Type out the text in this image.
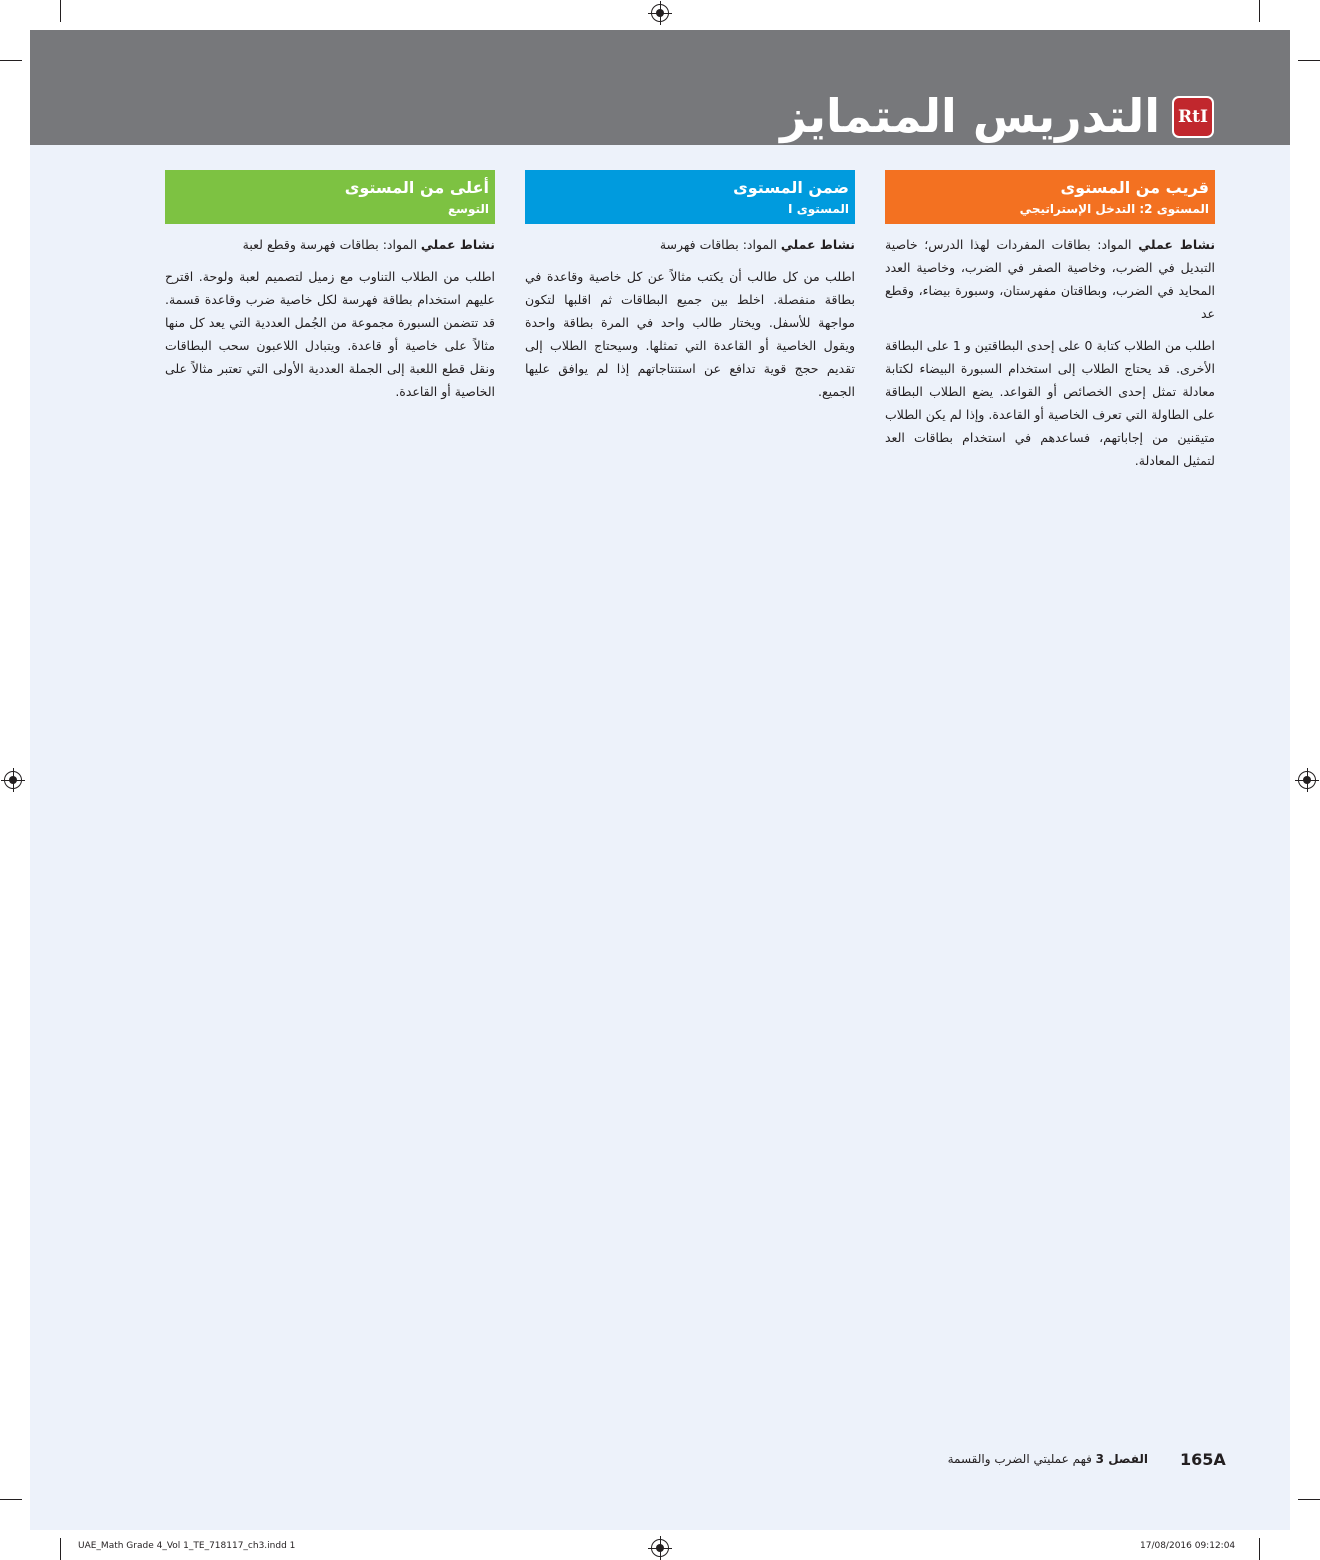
التدريس المتمايز	RtI
قريب من المستوى
المستوى 2: التدخل الإستراتيجي

نشاط عملي المواد: بطاقات المفردات لهذا الدرس؛ خاصية التبديل في الضرب، وخاصية الصفر في الضرب، وخاصية العدد المحايد في الضرب، وبطاقتان مفهرستان، وسبورة بيضاء، وقطع عد

اطلب من الطلاب كتابة 0 على إحدى البطاقتين و 1 على البطاقة الأخرى. قد يحتاج الطلاب إلى استخدام السبورة البيضاء لكتابة معادلة تمثل إحدى الخصائص أو القواعد. يضع الطلاب البطاقة على الطاولة التي تعرف الخاصية أو القاعدة. وإذا لم يكن الطلاب متيقنين من إجاباتهم، فساعدهم في استخدام بطاقات العد لتمثيل المعادلة.

ضمن المستوى
المستوى I

نشاط عملي المواد: بطاقات فهرسة

اطلب من كل طالب أن يكتب مثالاً عن كل خاصية وقاعدة في بطاقة منفصلة. اخلط بين جميع البطاقات ثم اقلبها لتكون مواجهة للأسفل. ويختار طالب واحد في المرة بطاقة واحدة ويقول الخاصية أو القاعدة التي تمثلها. وسيحتاج الطلاب إلى تقديم حجج قوية تدافع عن استنتاجاتهم إذا لم يوافق عليها الجميع.

أعلى من المستوى
التوسع

نشاط عملي المواد: بطاقات فهرسة وقطع لعبة

اطلب من الطلاب التناوب مع زميل لتصميم لعبة ولوحة. اقترح عليهم استخدام بطاقة فهرسة لكل خاصية ضرب وقاعدة قسمة. قد تتضمن السبورة مجموعة من الجُمل العددية التي يعد كل منها مثالاً على خاصية أو قاعدة. ويتبادل اللاعبون سحب البطاقات ونقل قطع اللعبة إلى الجملة العددية الأولى التي تعتبر مثالاً على الخاصية أو القاعدة.

165A
الفصل 3 فهم عمليتي الضرب والقسمة
UAE_Math Grade 4_Vol 1_TE_718117_ch3.indd 1	17/08/2016 09:12:04
